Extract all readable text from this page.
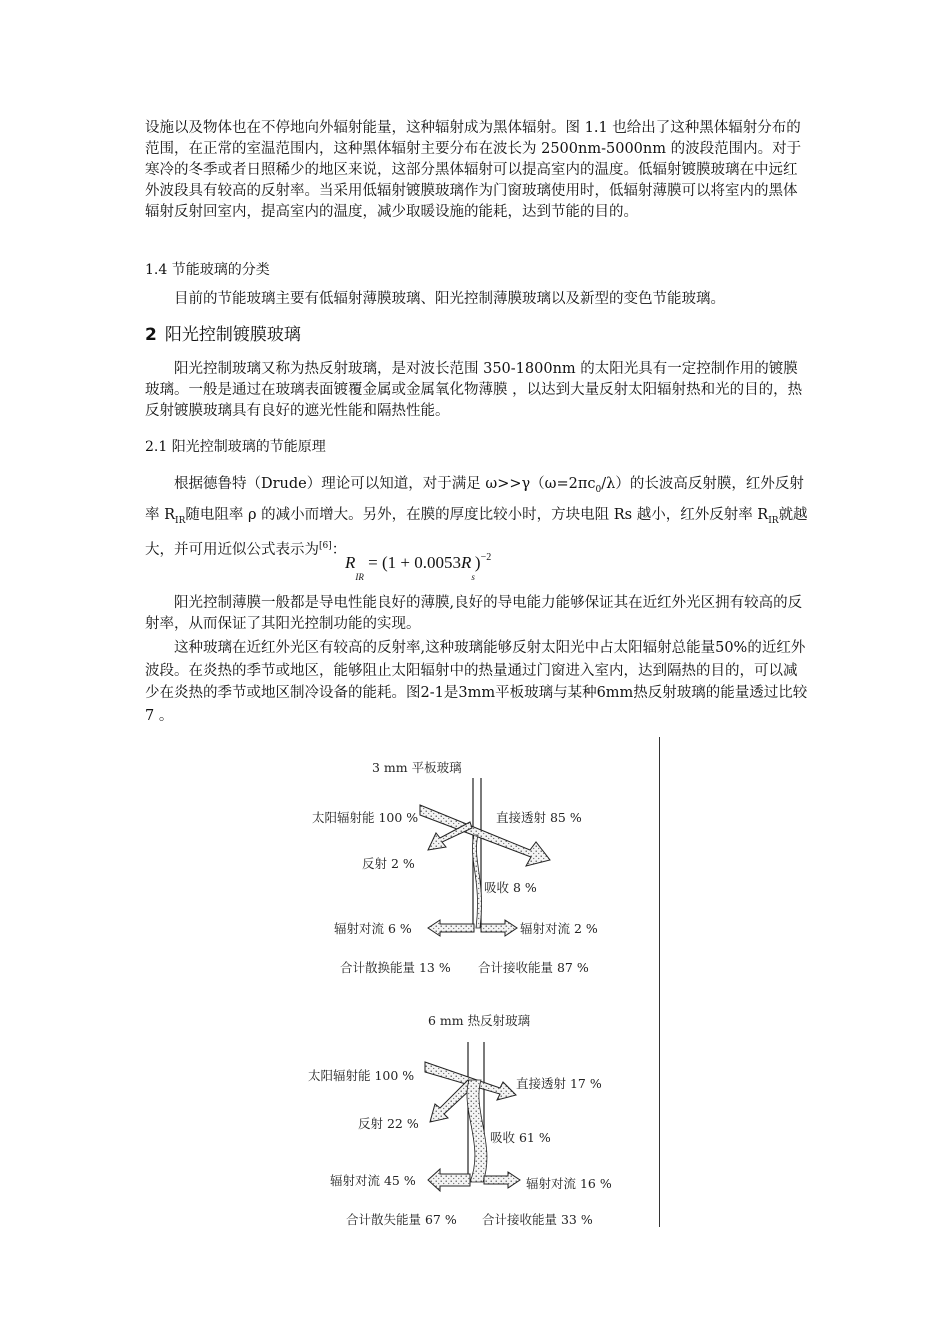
设施以及物体也在不停地向外辐射能量，这种辐射成为黑体辐射。图 1.1 也给出了这种黑体辐射分布的范围，在正常的室温范围内，这种黑体辐射主要分布在波长为 2500nm-5000nm 的波段范围内。对于寒冷的冬季或者日照稀少的地区来说，这部分黑体辐射可以提高室内的温度。低辐射镀膜玻璃在中远红外波段具有较高的反射率。当采用低辐射镀膜玻璃作为门窗玻璃使用时，低辐射薄膜可以将室内的黑体辐射反射回室内，提高室内的温度，减少取暖设施的能耗，达到节能的目的。

1.4 节能玻璃的分类

目前的节能玻璃主要有低辐射薄膜玻璃、阳光控制薄膜玻璃以及新型的变色节能玻璃。

2 阳光控制镀膜玻璃

阳光控制玻璃又称为热反射玻璃，是对波长范围 350-1800nm 的太阳光具有一定控制作用的镀膜玻璃。一般是通过在玻璃表面镀覆金属或金属氧化物薄膜 ，以达到大量反射太阳辐射热和光的目的，热反射镀膜玻璃具有良好的遮光性能和隔热性能。

2.1 阳光控制玻璃的节能原理

根据德鲁特（Drude）理论可以知道，对于满足 $\omega>>\gamma(\omega=2\pi c_0/\lambda)$的长波高反射膜，红外反射率 $R_{IR}$随电阻率 ρ 的减小而增大。另外，在膜的厚度比较小时，方块电阻 Rs 越小，红外反射率 $R_{IR}$就越大，并可用近似公式表示为[6]：

$R_{IR} = (1 + 0.0053R_s)^{-2}$

阳光控制薄膜一般都是导电性能良好的薄膜,良好的导电能力能够保证其在近红外光区拥有较高的反射率，从而保证了其阳光控制功能的实现。

这种玻璃在近红外光区有较高的反射率,这种玻璃能够反射太阳光中占太阳辐射总能量50%的近红外波段。在炎热的季节或地区，能够阻止太阳辐射中的热量通过门窗进入室内，达到隔热的目的，可以减少在炎热的季节或地区制冷设备的能耗。图2-1是3mm平板玻璃与某种6mm热反射玻璃的能量透过比较 7 。

3 mm 平板玻璃
太阳辐射能 100 %	直接透射 85 %
反射 2 %
吸收 8 %
辐射对流 6 %	辐射对流 2 %
合计散换能量 13 % 合计接收能量 87 %
6 mm 热反射玻璃
太阳辐射能 100 %
直接透射 17 %
反射 22 %
吸收 61 %
辐射对流 45 %	辐射对流 16 %
合计散失能量 67 % 合计接收能量 33 %
